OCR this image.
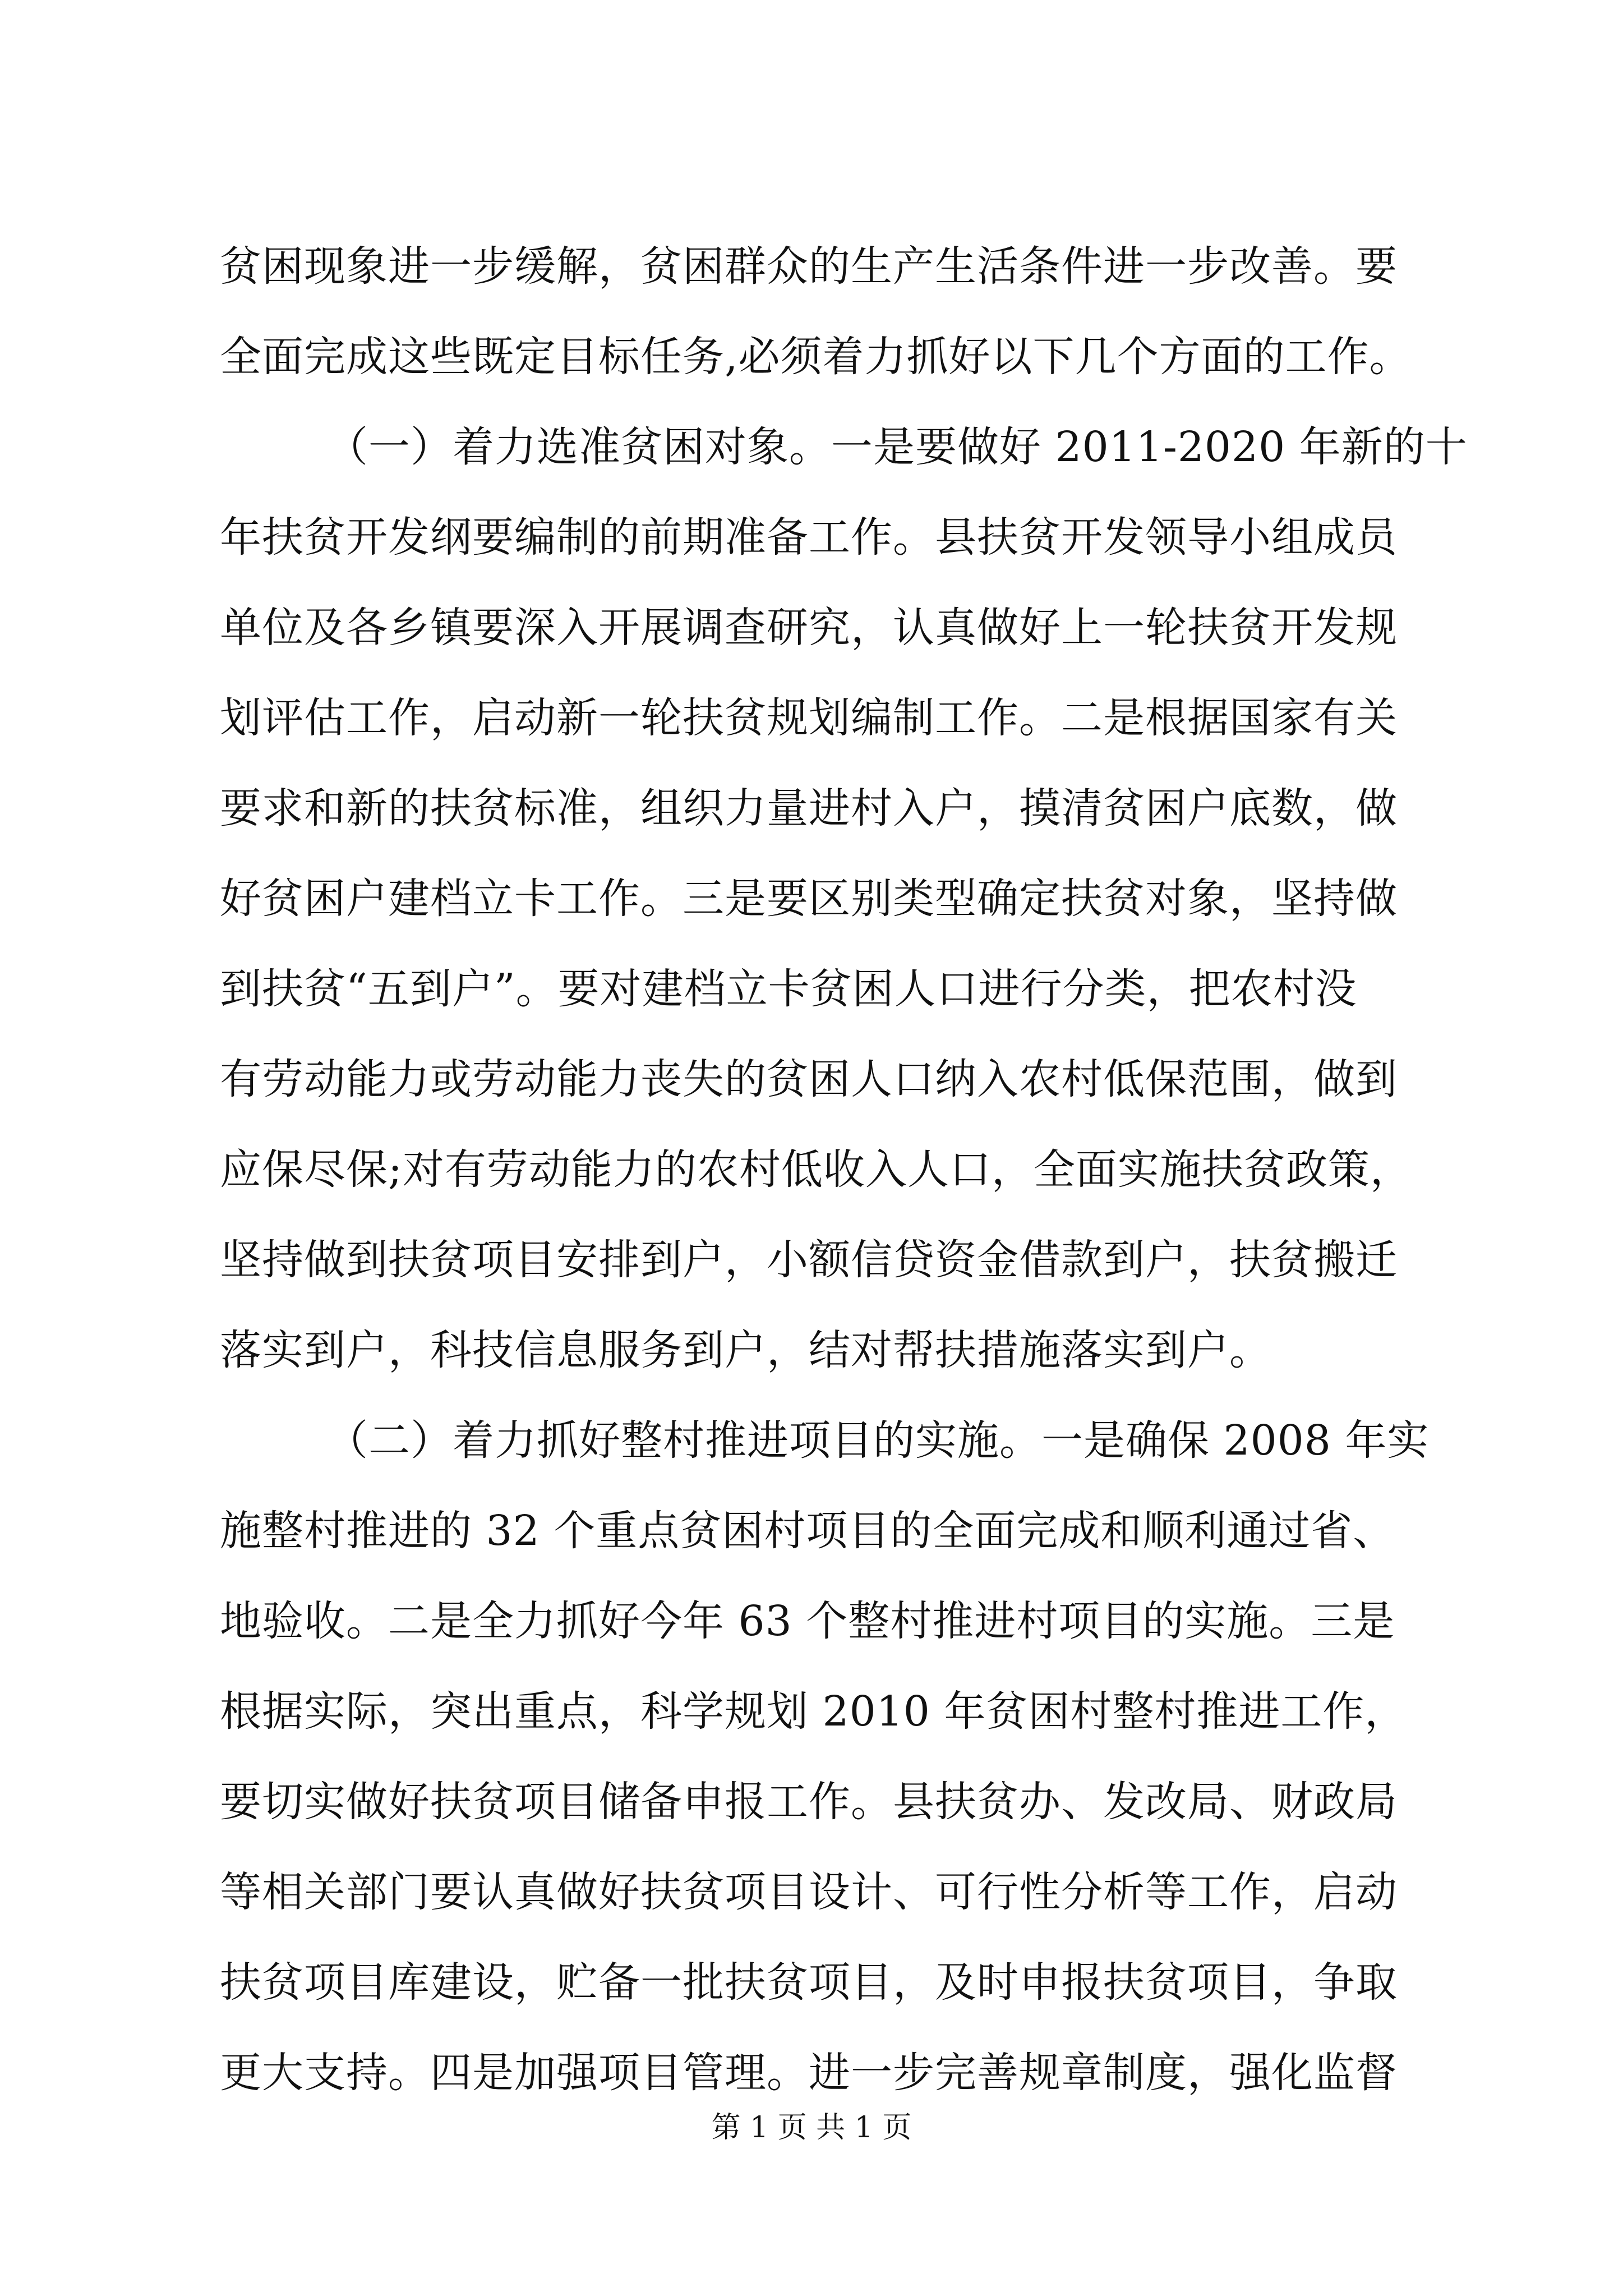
贫困现象进一步缓解，贫困群众的生产生活条件进一步改善。要
全面完成这些既定目标任务,必须着力抓好以下几个方面的工作。
（一）着力选准贫困对象。一是要做好 2011-2020 年新的十
年扶贫开发纲要编制的前期准备工作。县扶贫开发领导小组成员
单位及各乡镇要深入开展调查研究，认真做好上一轮扶贫开发规
划评估工作，启动新一轮扶贫规划编制工作。二是根据国家有关
要求和新的扶贫标准，组织力量进村入户，摸清贫困户底数，做
好贫困户建档立卡工作。三是要区别类型确定扶贫对象，坚持做
到扶贫“五到户”。要对建档立卡贫困人口进行分类，把农村没
有劳动能力或劳动能力丧失的贫困人口纳入农村低保范围，做到
应保尽保;对有劳动能力的农村低收入人口，全面实施扶贫政策，
坚持做到扶贫项目安排到户，小额信贷资金借款到户，扶贫搬迁
落实到户，科技信息服务到户，结对帮扶措施落实到户。
（二）着力抓好整村推进项目的实施。一是确保 2008 年实
施整村推进的 32 个重点贫困村项目的全面完成和顺利通过省、
地验收。二是全力抓好今年 63 个整村推进村项目的实施。三是
根据实际，突出重点，科学规划 2010 年贫困村整村推进工作，
要切实做好扶贫项目储备申报工作。县扶贫办、发改局、财政局
等相关部门要认真做好扶贫项目设计、可行性分析等工作，启动
扶贫项目库建设，贮备一批扶贫项目，及时申报扶贫项目，争取
更大支持。四是加强项目管理。进一步完善规章制度，强化监督
第 1 页 共 1 页
